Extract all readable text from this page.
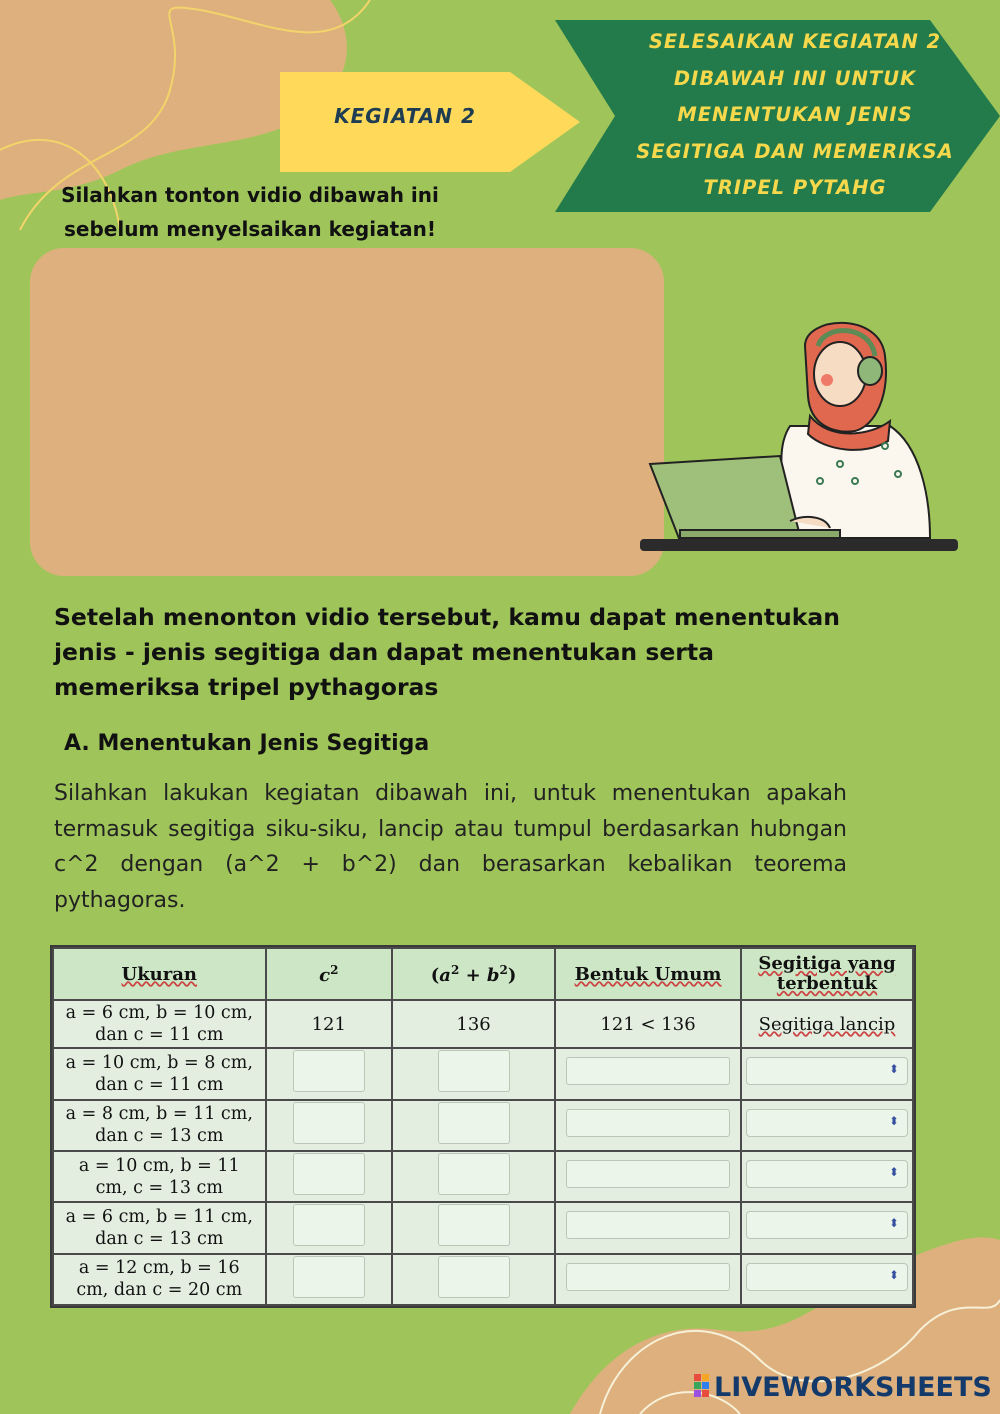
KEGIATAN 2
SELESAIKAN KEGIATAN 2
DIBAWAH INI UNTUK
MENENTUKAN JENIS
SEGITIGA DAN MEMERIKSA
TRIPEL PYTAHG
Silahkan tonton vidio dibawah ini
sebelum menyelsaikan kegiatan!
Setelah menonton vidio tersebut, kamu dapat menentukan
jenis - jenis segitiga dan dapat menentukan serta
memeriksa tripel pythagoras
A. Menentukan Jenis Segitiga
Silahkan lakukan kegiatan dibawah ini, untuk menentukan apakah termasuk segitiga siku-siku, lancip atau tumpul berdasarkan hubngan c^2 dengan (a^2 + b^2) dan berasarkan kebalikan teorema pythagoras.
Ukuran	$c^2$	$(a^2 + b^2)$	Bentuk Umum	Segitiga yang
terbentuk

a = 6 cm, b = 10 cm,
dan c = 11 cm	121	136	121 < 136	Segitiga lancip

a = 10 cm, b = 8 cm,
dan c = 11 cm				⬍

a = 8 cm, b = 11 cm,
dan c = 13 cm				⬍

a = 10 cm, b = 11
cm, c = 13 cm				⬍

a = 6 cm, b = 11 cm,
dan c = 13 cm				⬍

a = 12 cm, b = 16
cm, dan c = 20 cm				⬍
LIVEWORKSHEETS
